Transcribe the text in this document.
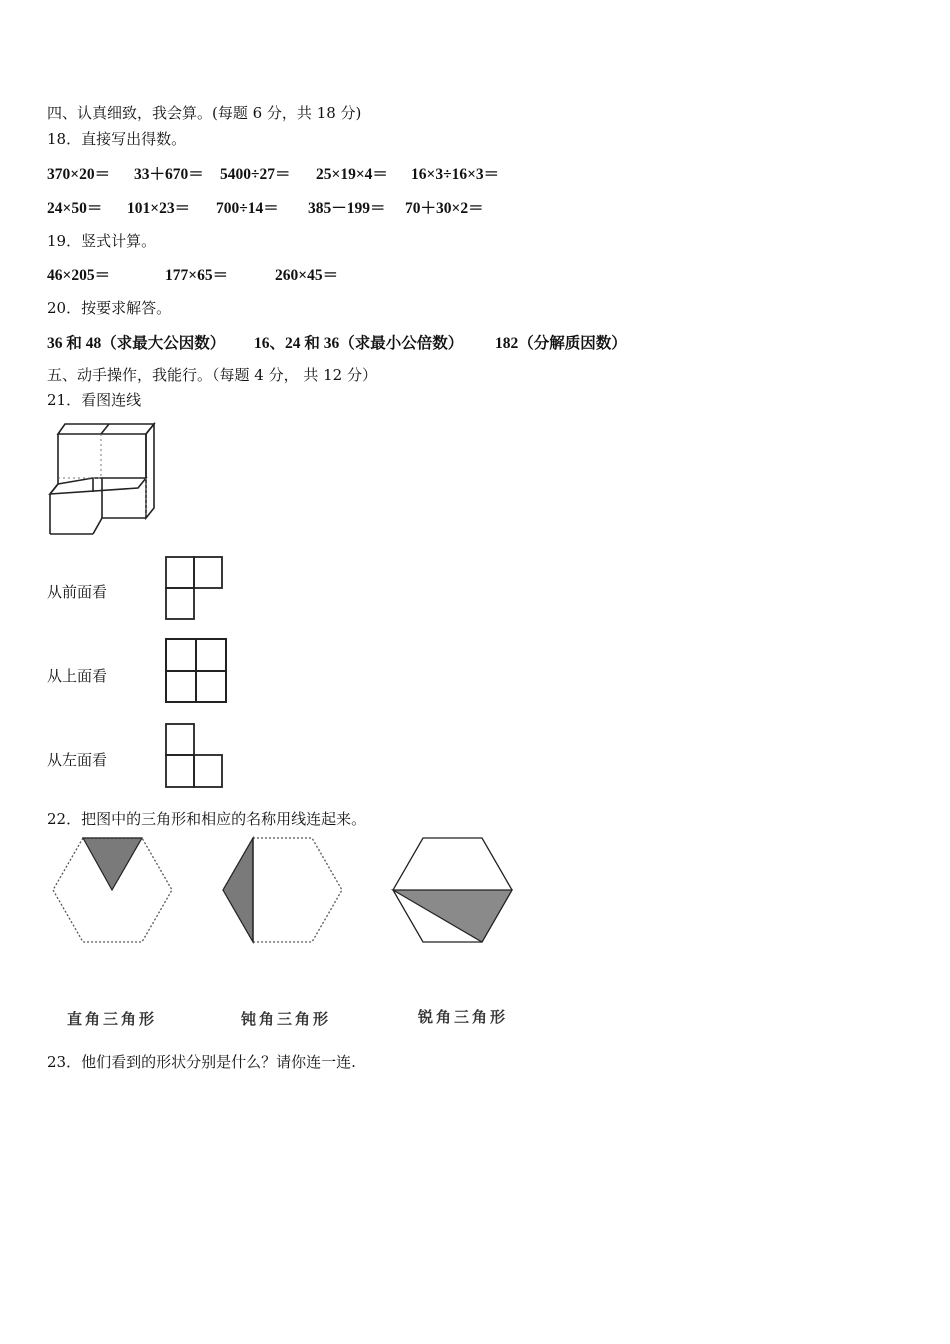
四、认真细致，我会算。(每题 6 分，共 18 分)
18．直接写出得数。
370×20＝	33＋670＝	5400÷27＝	25×19×4＝	16×3÷16×3＝
24×50＝	101×23＝	700÷14＝	385－199＝	70＋30×2＝
19．竖式计算。
46×205＝	177×65＝	260×45＝
20．按要求解答。
36 和 48（求最大公因数）	16、24 和 36（求最小公倍数）	182（分解质因数）
五、动手操作，我能行。（每题 4 分， 共 12 分）
21．看图连线
从前面看
从上面看
从左面看
22．把图中的三角形和相应的名称用线连起来。
直角三角形	钝角三角形	锐角三角形
23．他们看到的形状分别是什么？请你连一连.
